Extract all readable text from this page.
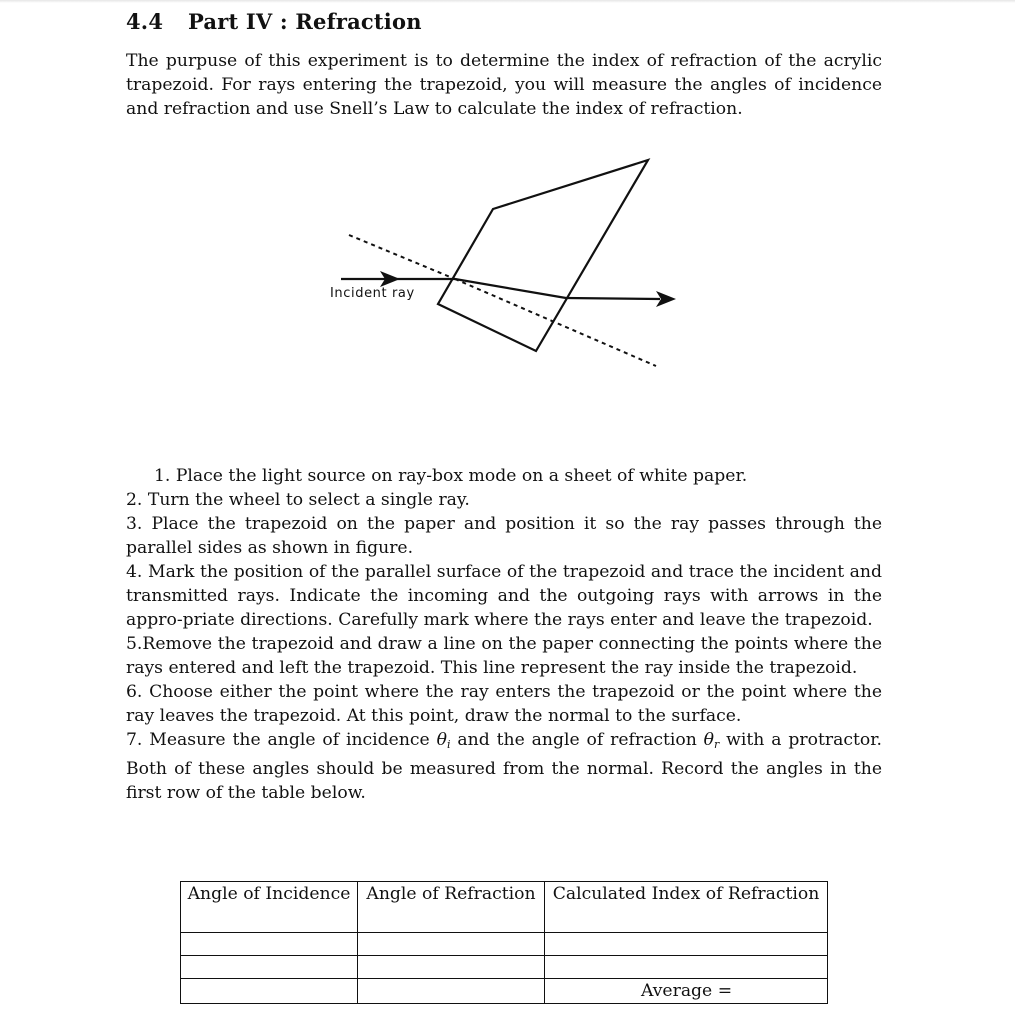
4.4 Part IV : Refraction
The purpuse of this experiment is to determine the index of refraction of the acrylic trapezoid. For rays entering the trapezoid, you will measure the angles of incidence and refraction and use Snell’s Law to calculate the index of refraction.
Incident ray

1. Place the light source on ray-box mode on a sheet of white paper.

2. Turn the wheel to select a single ray.

3. Place the trapezoid on the paper and position it so the ray passes through the parallel sides as shown in figure.

4. Mark the position of the parallel surface of the trapezoid and trace the incident and transmitted rays. Indicate the incoming and the outgoing rays with arrows in the appro-priate directions. Carefully mark where the rays enter and leave the trapezoid.

5.Remove the trapezoid and draw a line on the paper connecting the points where the rays entered and left the trapezoid. This line represent the ray inside the trapezoid.

6. Choose either the point where the ray enters the trapezoid or the point where the ray leaves the trapezoid. At this point, draw the normal to the surface.

7. Measure the angle of incidence θi and the angle of refraction θr with a protractor. Both of these angles should be measured from the normal. Record the angles in the first row of the table below.

Angle of Incidence	Angle of Refraction	Calculated Index of Refraction

		Average =
